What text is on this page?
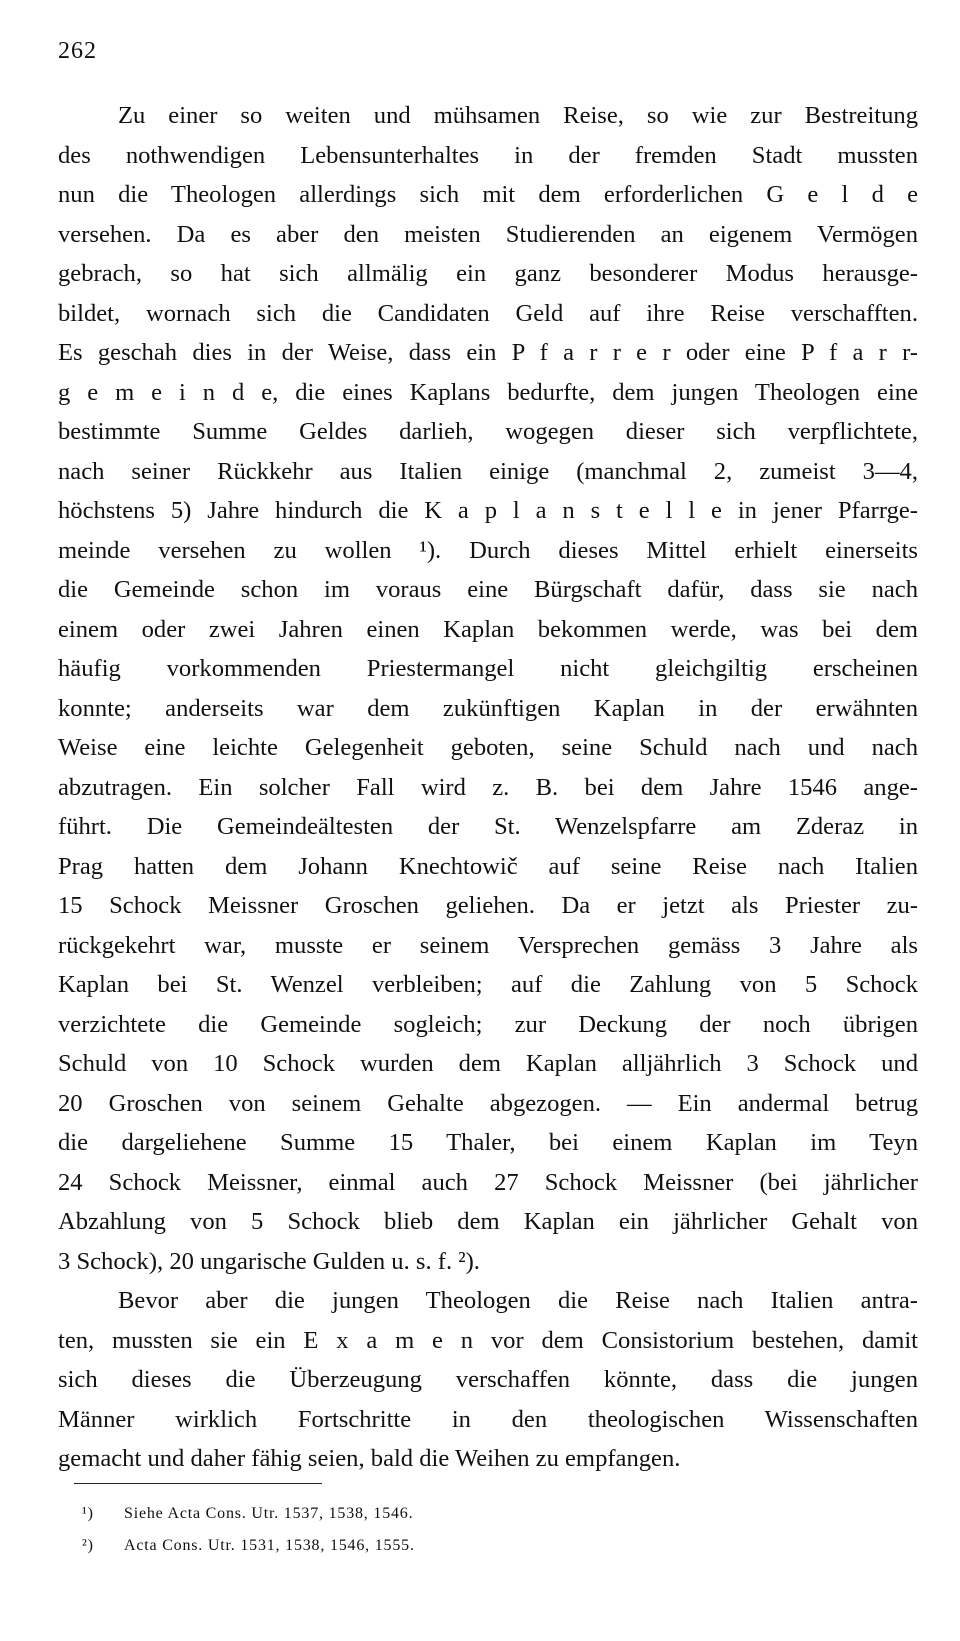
262
Zu einer so weiten und mühsamen Reise, so wie zur Bestreitung
des nothwendigen Lebensunterhaltes in der fremden Stadt mussten
nun die Theologen allerdings sich mit dem erforderlichen G e l d e
versehen. Da es aber den meisten Studierenden an eigenem Vermögen
gebrach, so hat sich allmälig ein ganz besonderer Modus herausge-
bildet, wornach sich die Candidaten Geld auf ihre Reise verschafften.
Es geschah dies in der Weise, dass ein P f a r r e r oder eine P f a r r-
g e m e i n d e, die eines Kaplans bedurfte, dem jungen Theologen eine
bestimmte Summe Geldes darlieh, wogegen dieser sich verpflichtete,
nach seiner Rückkehr aus Italien einige (manchmal 2, zumeist 3—4,
höchstens 5) Jahre hindurch die K a p l a n s t e l l e in jener Pfarrge-
meinde versehen zu wollen ¹). Durch dieses Mittel erhielt einerseits
die Gemeinde schon im voraus eine Bürgschaft dafür, dass sie nach
einem oder zwei Jahren einen Kaplan bekommen werde, was bei dem
häufig vorkommenden Priestermangel nicht gleichgiltig erscheinen
konnte; anderseits war dem zukünftigen Kaplan in der erwähnten
Weise eine leichte Gelegenheit geboten, seine Schuld nach und nach
abzutragen. Ein solcher Fall wird z. B. bei dem Jahre 1546 ange-
führt. Die Gemeindeältesten der St. Wenzelspfarre am Zderaz in
Prag hatten dem Johann Knechtowič auf seine Reise nach Italien
15 Schock Meissner Groschen geliehen. Da er jetzt als Priester zu-
rückgekehrt war, musste er seinem Versprechen gemäss 3 Jahre als
Kaplan bei St. Wenzel verbleiben; auf die Zahlung von 5 Schock
verzichtete die Gemeinde sogleich; zur Deckung der noch übrigen
Schuld von 10 Schock wurden dem Kaplan alljährlich 3 Schock und
20 Groschen von seinem Gehalte abgezogen. — Ein andermal betrug
die dargeliehene Summe 15 Thaler, bei einem Kaplan im Teyn
24 Schock Meissner, einmal auch 27 Schock Meissner (bei jährlicher
Abzahlung von 5 Schock blieb dem Kaplan ein jährlicher Gehalt von
3 Schock), 20 ungarische Gulden u. s. f. ²).
Bevor aber die jungen Theologen die Reise nach Italien antra-
ten, mussten sie ein E x a m e n vor dem Consistorium bestehen, damit
sich dieses die Überzeugung verschaffen könnte, dass die jungen
Männer wirklich Fortschritte in den theologischen Wissenschaften
gemacht und daher fähig seien, bald die Weihen zu empfangen.
¹) Siehe Acta Cons. Utr. 1537, 1538, 1546.
²) Acta Cons. Utr. 1531, 1538, 1546, 1555.
